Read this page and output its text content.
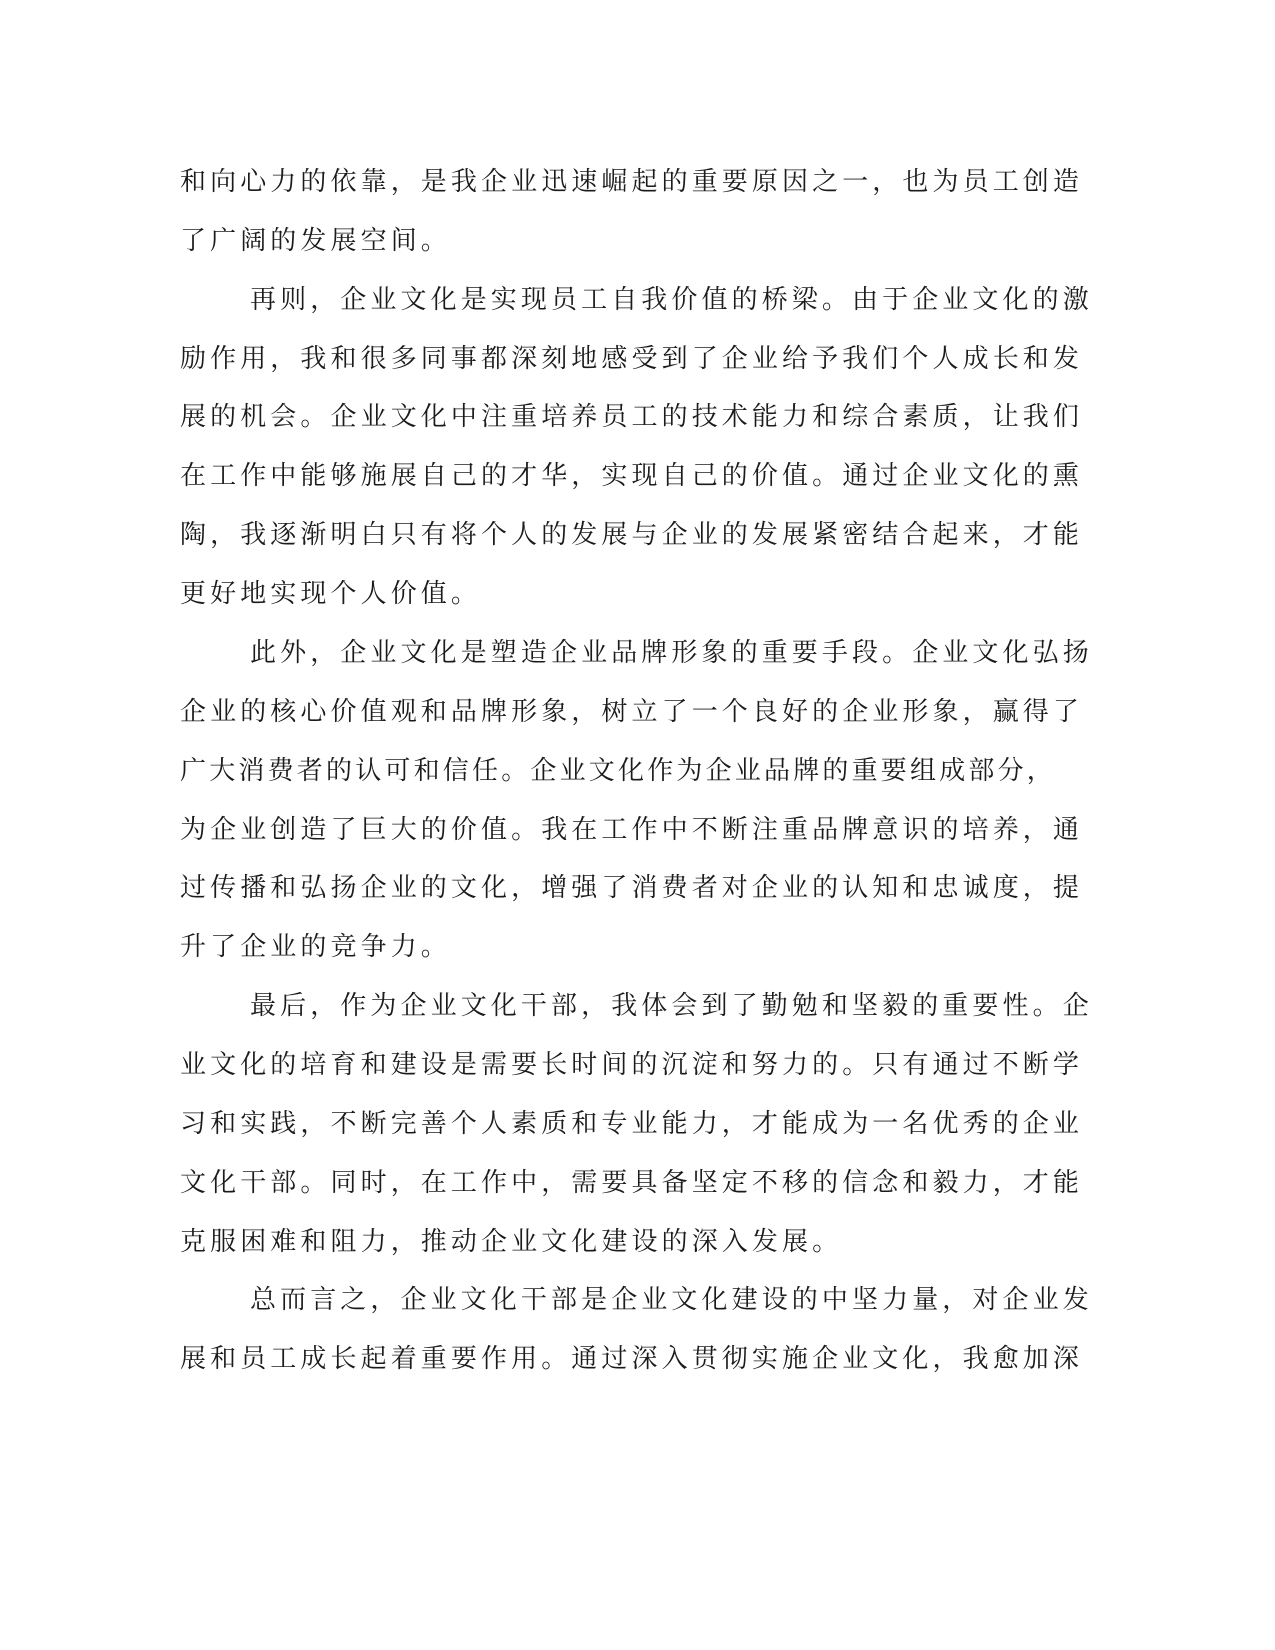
和向心力的依靠，是我企业迅速崛起的重要原因之一，也为员工创造

了广阔的发展空间。

再则，企业文化是实现员工自我价值的桥梁。由于企业文化的激

励作用，我和很多同事都深刻地感受到了企业给予我们个人成长和发

展的机会。企业文化中注重培养员工的技术能力和综合素质，让我们

在工作中能够施展自己的才华，实现自己的价值。通过企业文化的熏

陶，我逐渐明白只有将个人的发展与企业的发展紧密结合起来，才能

更好地实现个人价值。

此外，企业文化是塑造企业品牌形象的重要手段。企业文化弘扬

企业的核心价值观和品牌形象，树立了一个良好的企业形象，赢得了

广大消费者的认可和信任。企业文化作为企业品牌的重要组成部分，

为企业创造了巨大的价值。我在工作中不断注重品牌意识的培养，通

过传播和弘扬企业的文化，增强了消费者对企业的认知和忠诚度，提

升了企业的竞争力。

最后，作为企业文化干部，我体会到了勤勉和坚毅的重要性。企

业文化的培育和建设是需要长时间的沉淀和努力的。只有通过不断学

习和实践，不断完善个人素质和专业能力，才能成为一名优秀的企业

文化干部。同时，在工作中，需要具备坚定不移的信念和毅力，才能

克服困难和阻力，推动企业文化建设的深入发展。

总而言之，企业文化干部是企业文化建设的中坚力量，对企业发

展和员工成长起着重要作用。通过深入贯彻实施企业文化，我愈加深
